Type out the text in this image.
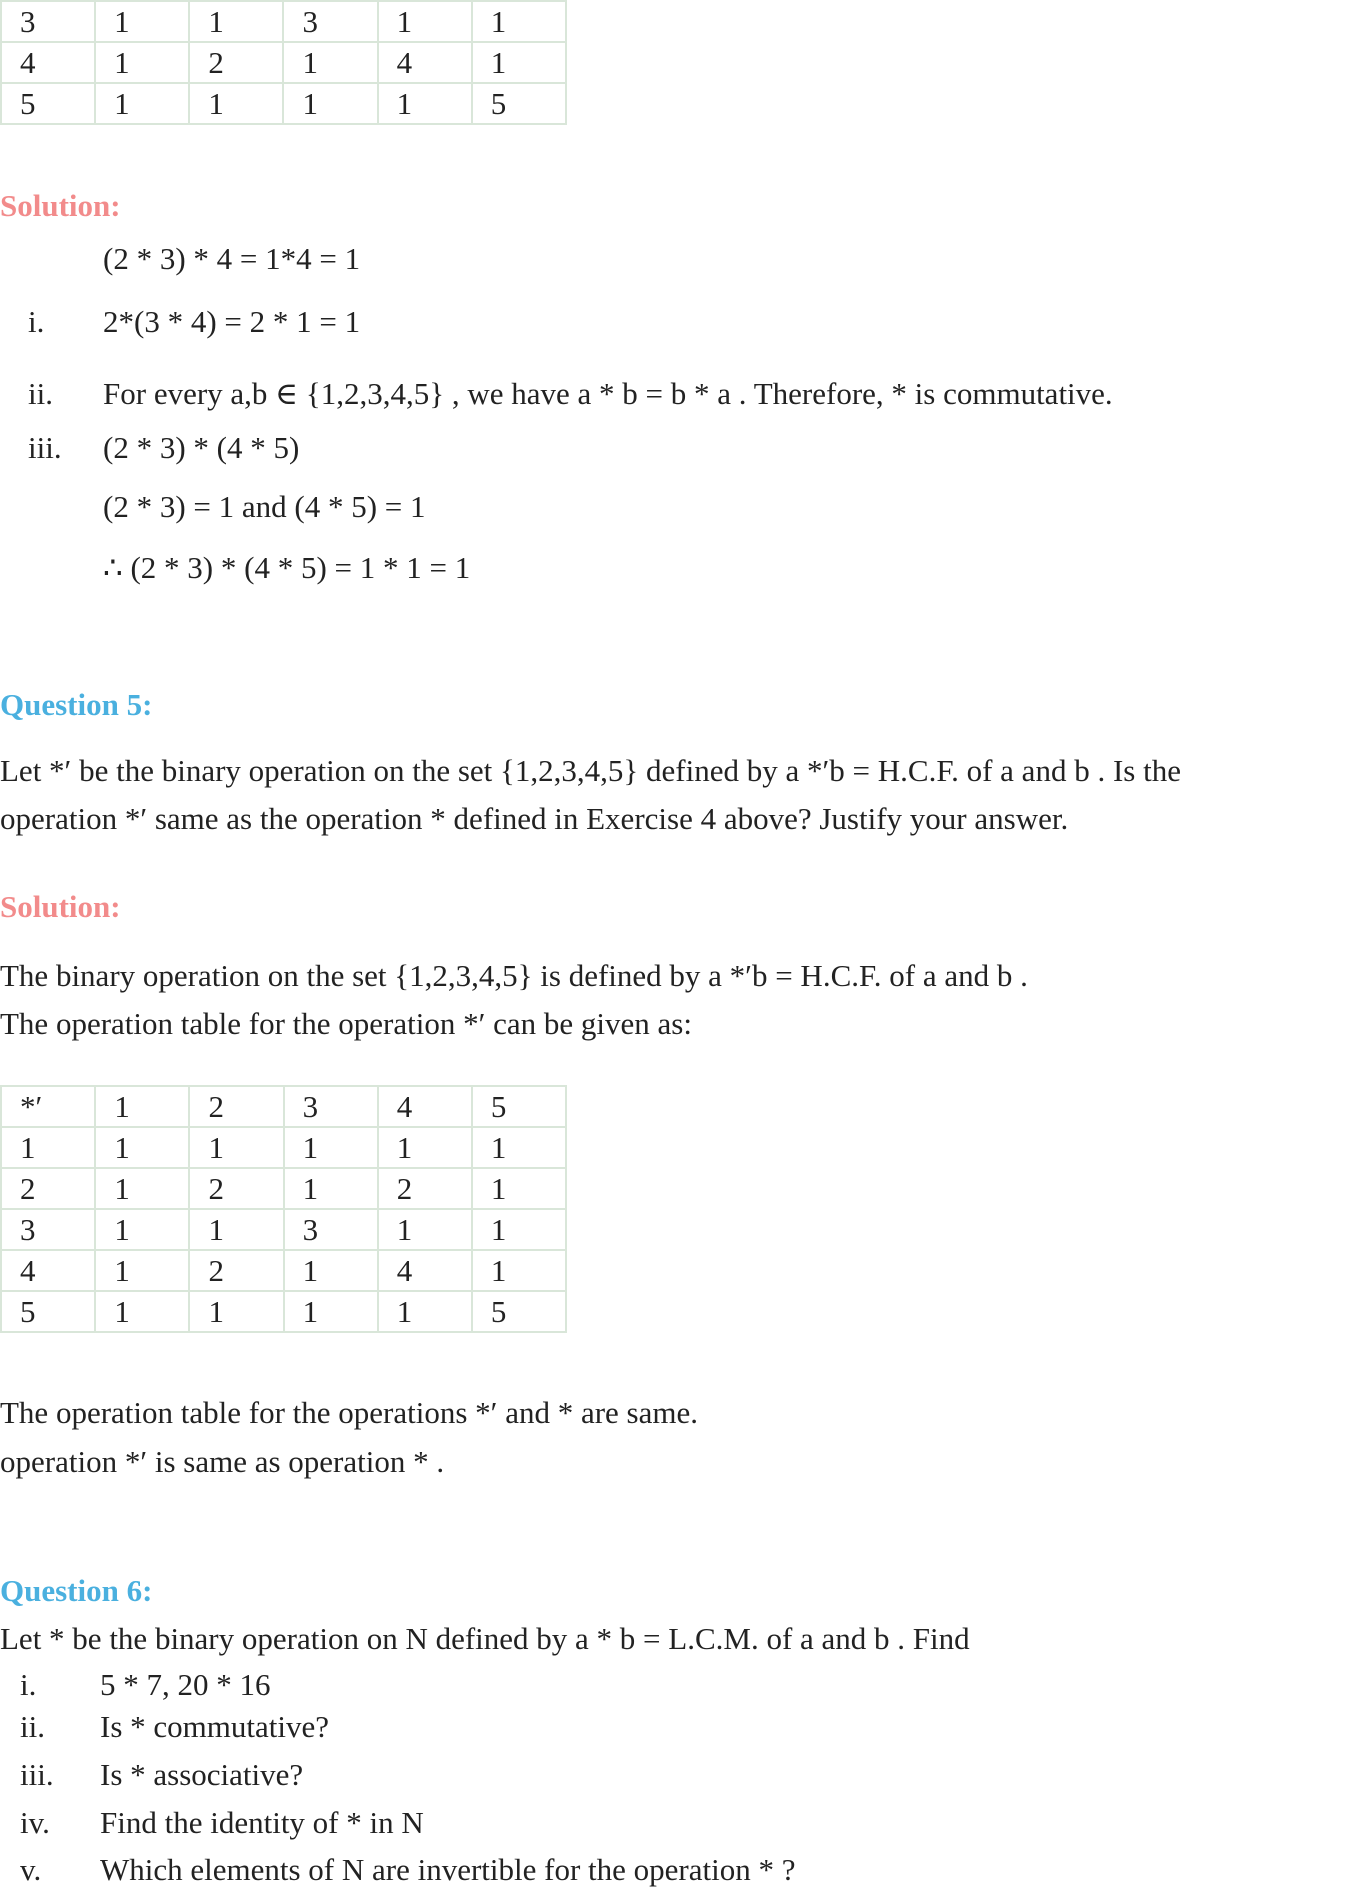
3	1	1	3	1	1
4	1	2	1	4	1
5	1	1	1	1	5
Solution:
(2 * 3) * 4 = 1*4 = 1
i. 2*(3 * 4) = 2 * 1 = 1
ii. For every a,b ∈ {1,2,3,4,5} , we have a * b = b * a . Therefore, * is commutative.
iii. (2 * 3) * (4 * 5)
(2 * 3) = 1 and (4 * 5) = 1
∴ (2 * 3) * (4 * 5) = 1 * 1 = 1
Question 5:
Let *′ be the binary operation on the set {1,2,3,4,5} defined by a *′b = H.C.F. of a and b . Is the
operation *′ same as the operation * defined in Exercise 4 above? Justify your answer.
Solution:
The binary operation on the set {1,2,3,4,5} is defined by a *′b = H.C.F. of a and b .
The operation table for the operation *′ can be given as:
*′	1	2	3	4	5
1	1	1	1	1	1
2	1	2	1	2	1
3	1	1	3	1	1
4	1	2	1	4	1
5	1	1	1	1	5
The operation table for the operations *′ and * are same.
operation *′ is same as operation * .
Question 6:
Let * be the binary operation on N defined by a * b = L.C.M. of a and b . Find
i. 5 * 7, 20 * 16
ii. Is * commutative?
iii. Is * associative?
iv. Find the identity of * in N
v. Which elements of N are invertible for the operation * ?
